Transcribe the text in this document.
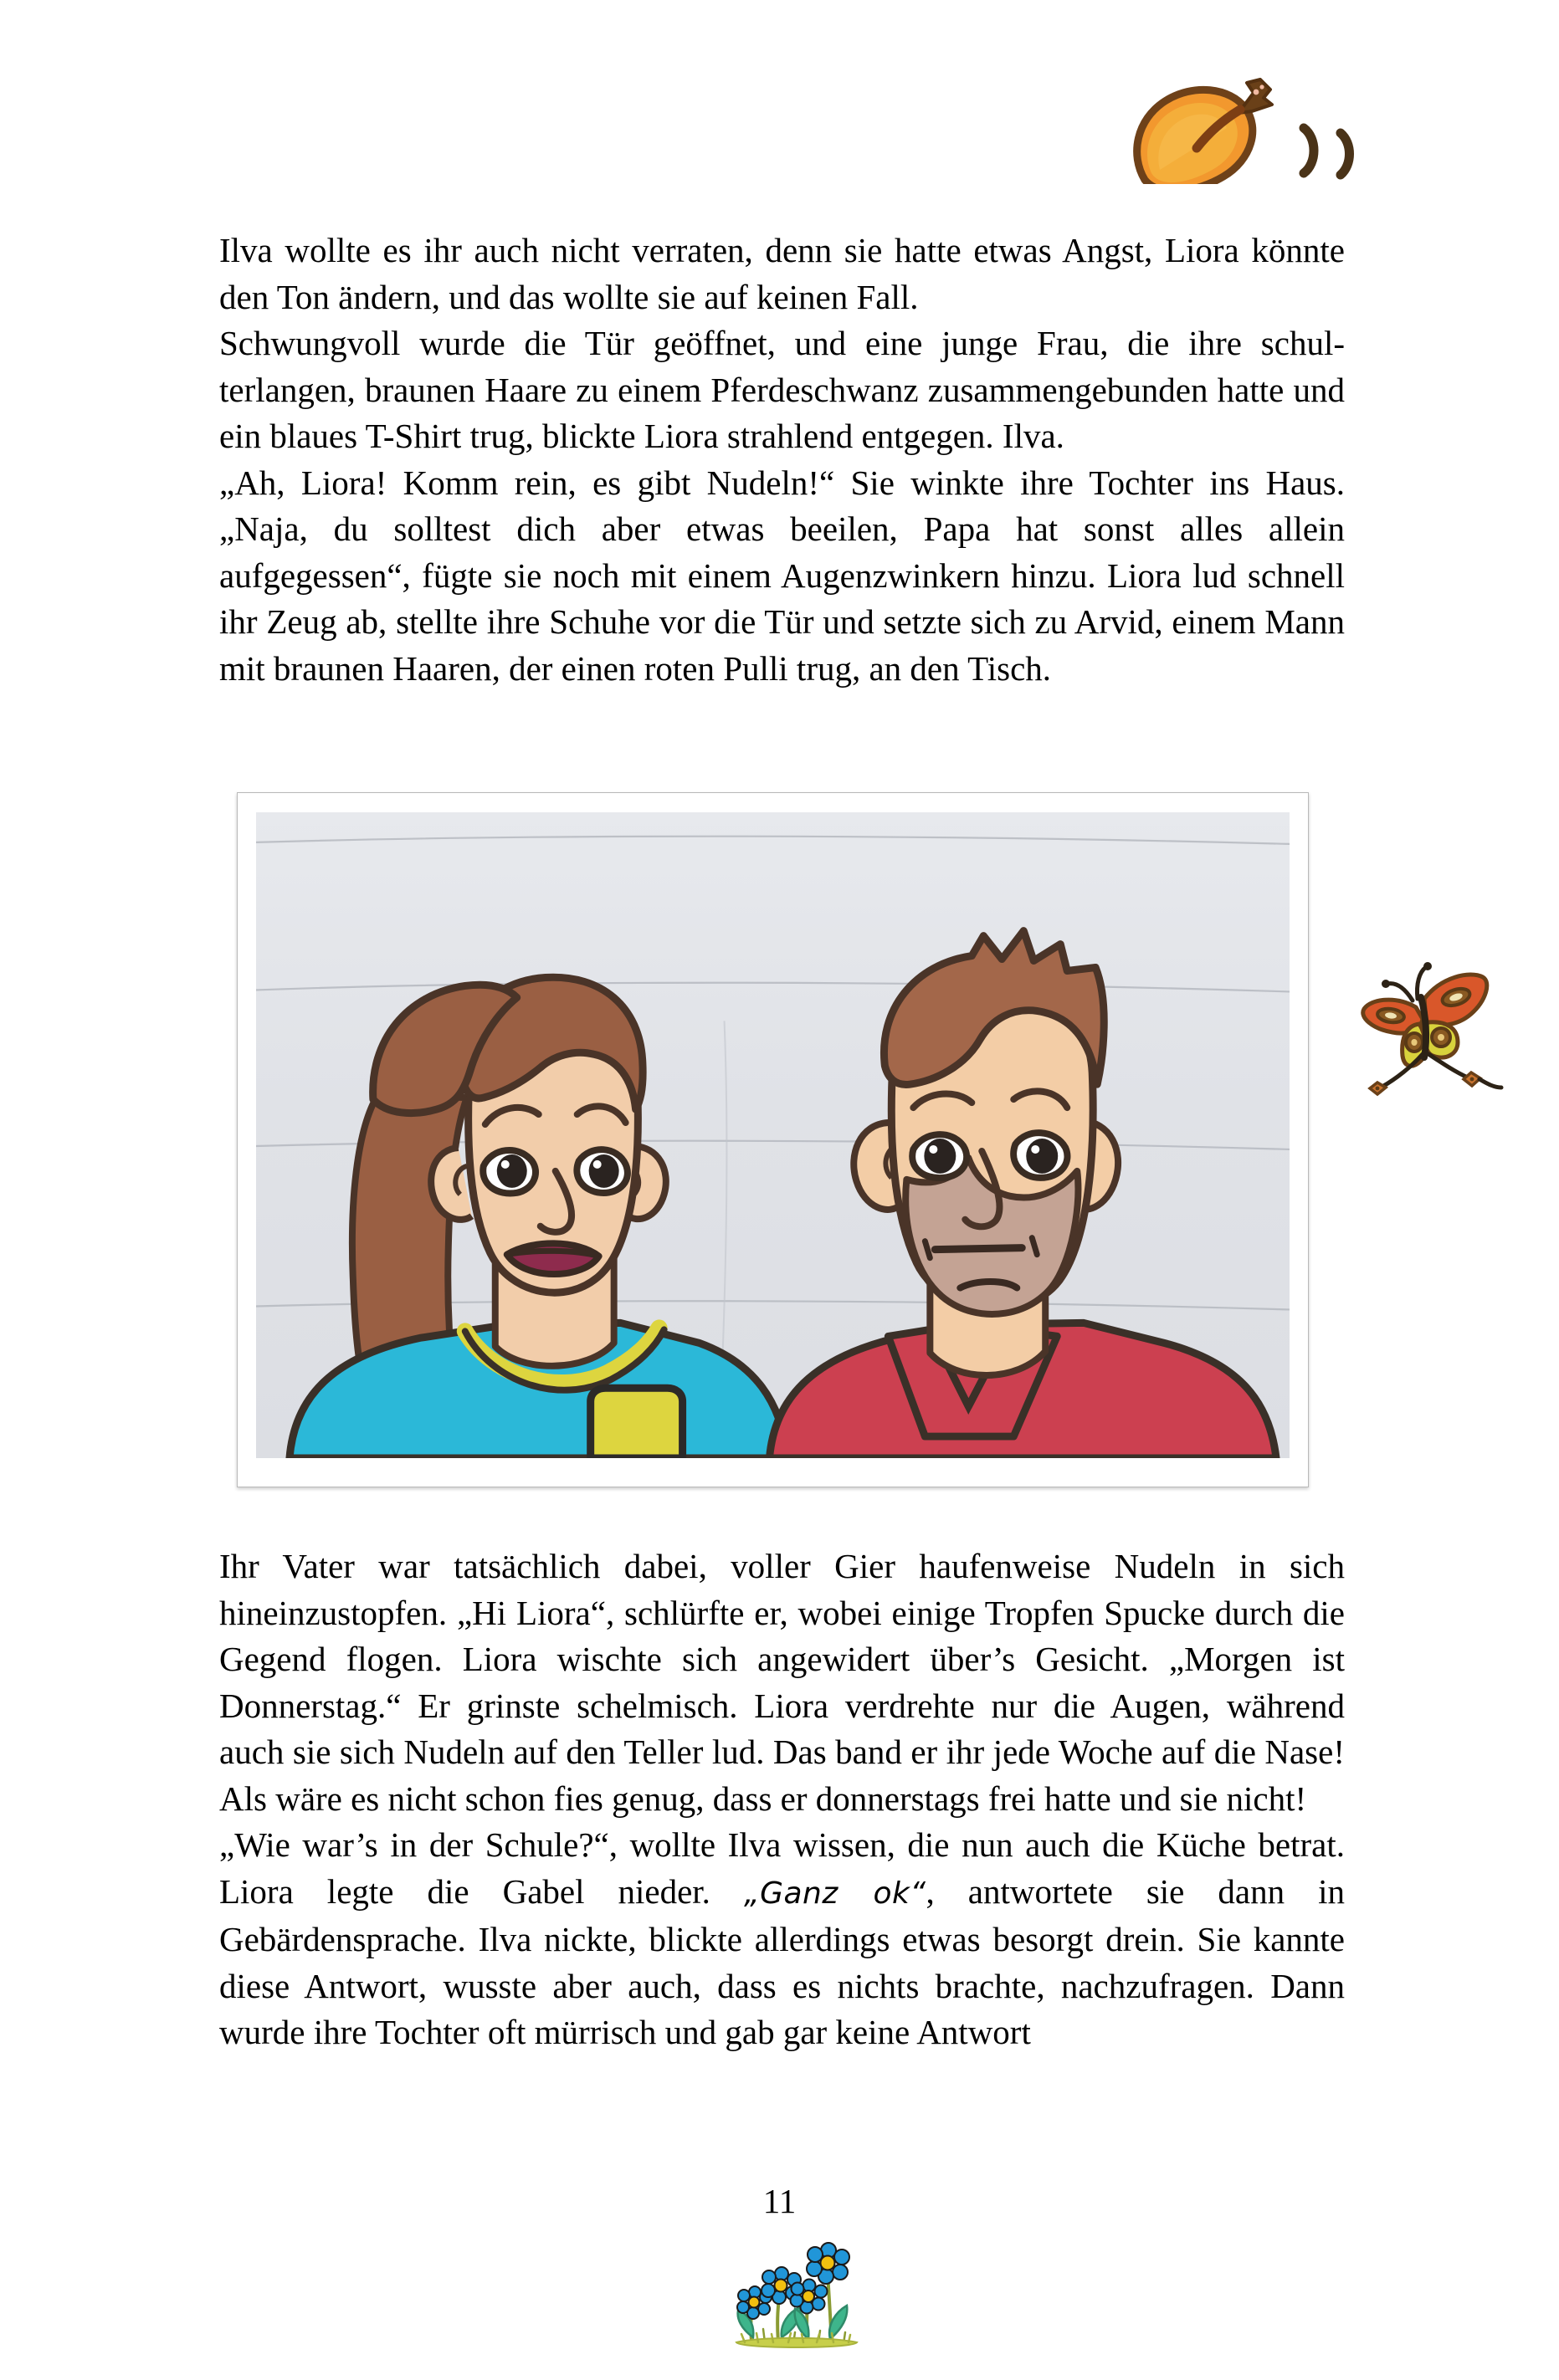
Ilva wollte es ihr auch nicht verraten, denn sie hatte etwas Angst, Liora könnte den Ton ändern, und das wollte sie auf keinen Fall.

Schwungvoll wurde die Tür geöffnet, und eine junge Frau, die ihre schulterlangen, braunen Haare zu einem Pferdeschwanz zusammengebunden hatte und ein blaues T-Shirt trug, blickte Liora strahlend entgegen. Ilva.

„Ah, Liora! Komm rein, es gibt Nudeln!“ Sie winkte ihre Tochter ins Haus. „Naja, du solltest dich aber etwas beeilen, Papa hat sonst alles allein aufgegessen“, fügte sie noch mit einem Augenzwinkern hinzu. Liora lud schnell ihr Zeug ab, stellte ihre Schuhe vor die Tür und setzte sich zu Arvid, einem Mann mit braunen Haaren, der einen roten Pulli trug, an den Tisch.

Ihr Vater war tatsächlich dabei, voller Gier haufenweise Nudeln in sich hineinzustopfen. „Hi Liora“, schlürfte er, wobei einige Tropfen Spucke durch die Gegend flogen. Liora wischte sich angewidert über’s Gesicht. „Morgen ist Donnerstag.“ Er grinste schelmisch. Liora verdrehte nur die Augen, während auch sie sich Nudeln auf den Teller lud. Das band er ihr jede Woche auf die Nase! Als wäre es nicht schon fies genug, dass er donnerstags frei hatte und sie nicht!

„Wie war’s in der Schule?“, wollte Ilva wissen, die nun auch die Küche betrat. Liora legte die Gabel nieder. „Ganz ok“, antwortete sie dann in Gebärdensprache. Ilva nickte, blickte allerdings etwas besorgt drein. Sie kannte diese Antwort, wusste aber auch, dass es nichts brachte, nachzufragen. Dann wurde ihre Tochter oft mürrisch und gab gar keine Antwort

11
